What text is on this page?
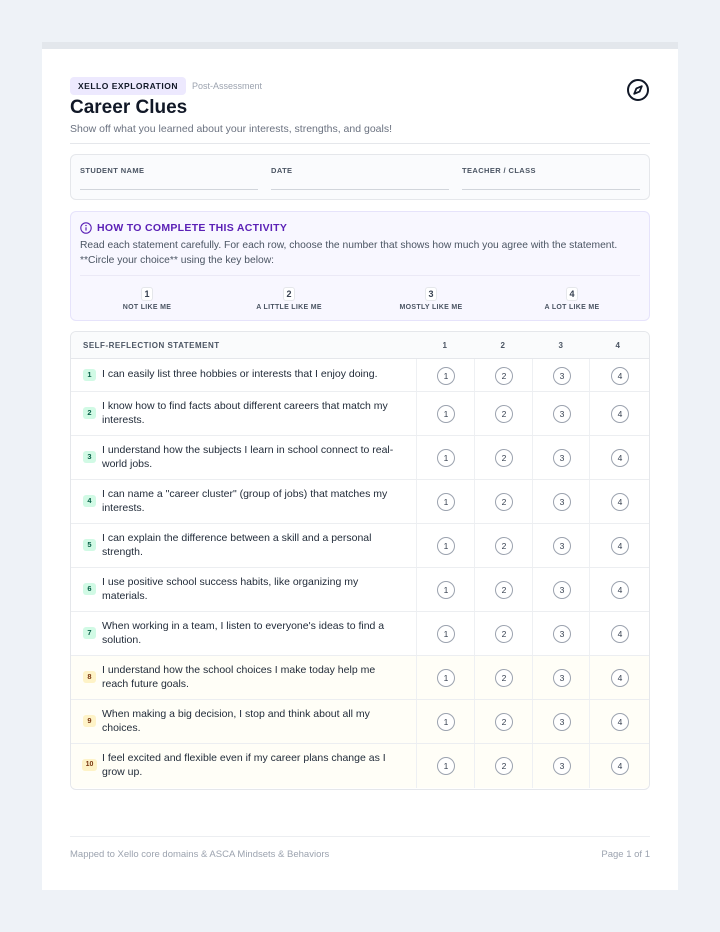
XELLO EXPLORATION	Post-Assessment
Career Clues
Show off what you learned about your interests, strengths, and goals!
STUDENT NAME	DATE	TEACHER / CLASS
HOW TO COMPLETE THIS ACTIVITY
Read each statement carefully. For each row, choose the number that shows how much you agree with the statement.
**Circle your choice** using the key below:
1
NOT LIKE ME
2
A LITTLE LIKE ME
3
MOSTLY LIKE ME
4
A LOT LIKE ME
SELF-REFLECTION STATEMENT	1	2	3	4
1 I can easily list three hobbies or interests that I enjoy doing.	1	2	3	4
2
I know how to find facts about different careers that match my interests.	1	2	3	4
3
I understand how the subjects I learn in school connect to real-world jobs.	1	2	3	4
4
I can name a "career cluster" (group of jobs) that matches my interests.	1	2	3	4
5
I can explain the difference between a skill and a personal strength.	1	2	3	4
6
I use positive school success habits, like organizing my materials.	1	2	3	4
7
When working in a team, I listen to everyone's ideas to find a solution.	1	2	3	4
8
I understand how the school choices I make today help me reach future goals.	1	2	3	4
9
When making a big decision, I stop and think about all my choices.	1	2	3	4
10
I feel excited and flexible even if my career plans change as I grow up.	1	2	3	4
Mapped to Xello core domains & ASCA Mindsets & Behaviors	Page 1 of 1
